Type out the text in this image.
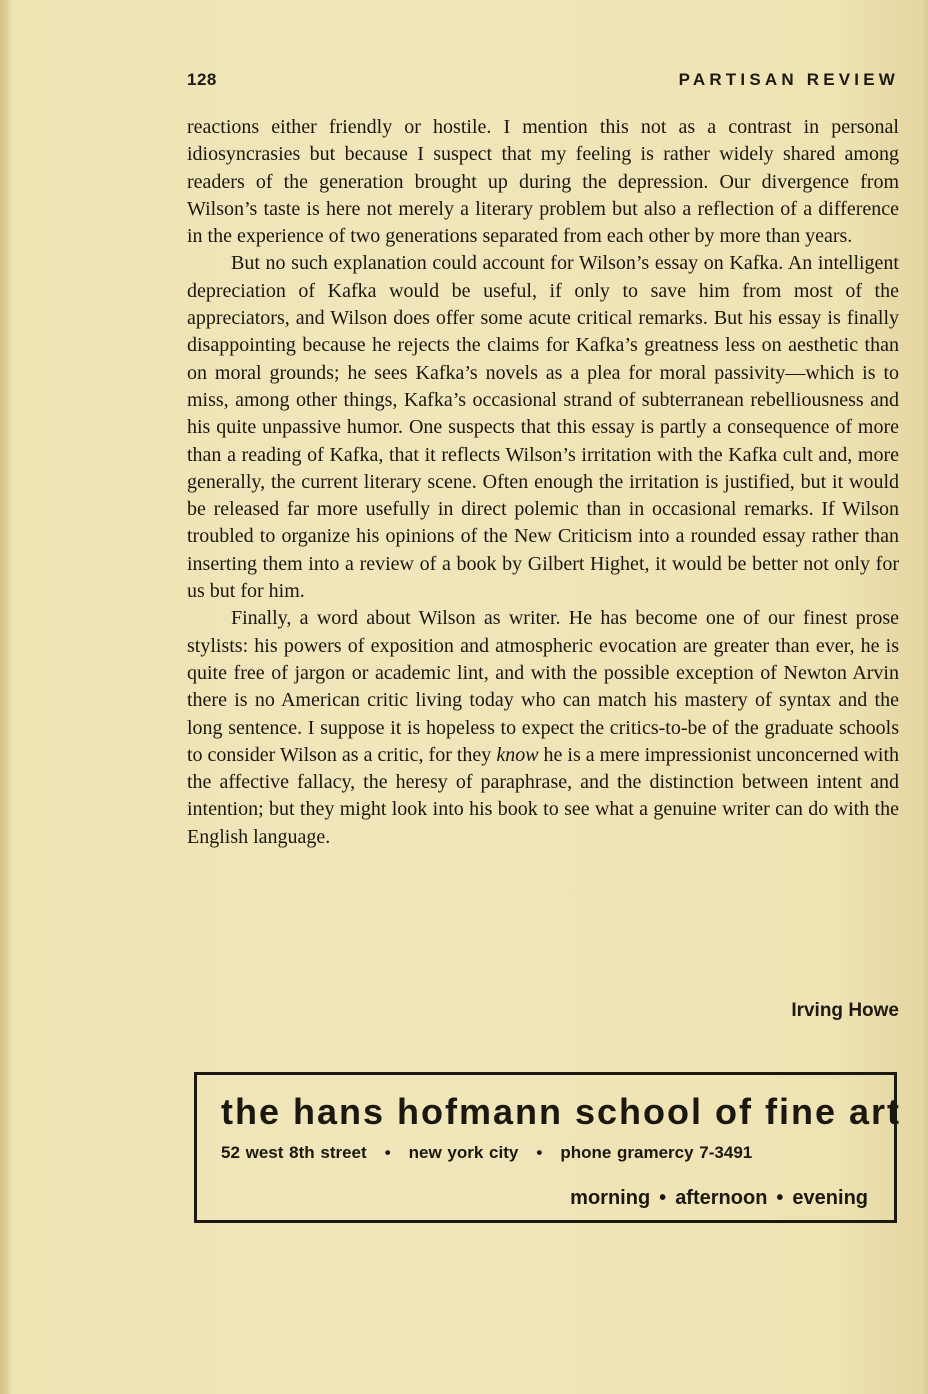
128	PARTISAN REVIEW

reactions either friendly or hostile. I mention this not as a contrast in personal idiosyncrasies but because I suspect that my feeling is rather widely shared among readers of the generation brought up during the depression. Our divergence from Wilson’s taste is here not merely a literary problem but also a reflection of a difference in the experience of two generations separated from each other by more than years.

But no such explanation could account for Wilson’s essay on Kafka. An intelligent depreciation of Kafka would be useful, if only to save him from most of the appreciators, and Wilson does offer some acute critical remarks. But his essay is finally disappointing because he rejects the claims for Kafka’s greatness less on aesthetic than on moral grounds; he sees Kafka’s novels as a plea for moral passivity—which is to miss, among other things, Kafka’s occasional strand of subterranean rebelliousness and his quite unpassive humor. One suspects that this essay is partly a consequence of more than a reading of Kafka, that it reflects Wilson’s irritation with the Kafka cult and, more generally, the current literary scene. Often enough the irritation is justified, but it would be released far more usefully in direct polemic than in occasional remarks. If Wilson troubled to organize his opinions of the New Criticism into a rounded essay rather than inserting them into a review of a book by Gilbert Highet, it would be better not only for us but for him.

Finally, a word about Wilson as writer. He has become one of our finest prose stylists: his powers of exposition and atmospheric evocation are greater than ever, he is quite free of jargon or academic lint, and with the possible exception of Newton Arvin there is no American critic living today who can match his mastery of syntax and the long sentence. I suppose it is hopeless to expect the critics-to-be of the graduate schools to consider Wilson as a critic, for they know he is a mere impressionist unconcerned with the affective fallacy, the heresy of paraphrase, and the distinction between intent and intention; but they might look into his book to see what a genuine writer can do with the English language.

Irving Howe
the hans hofmann school of fine art
52 west 8th street • new york city • phone gramercy 7-3491
morning • afternoon • evening
